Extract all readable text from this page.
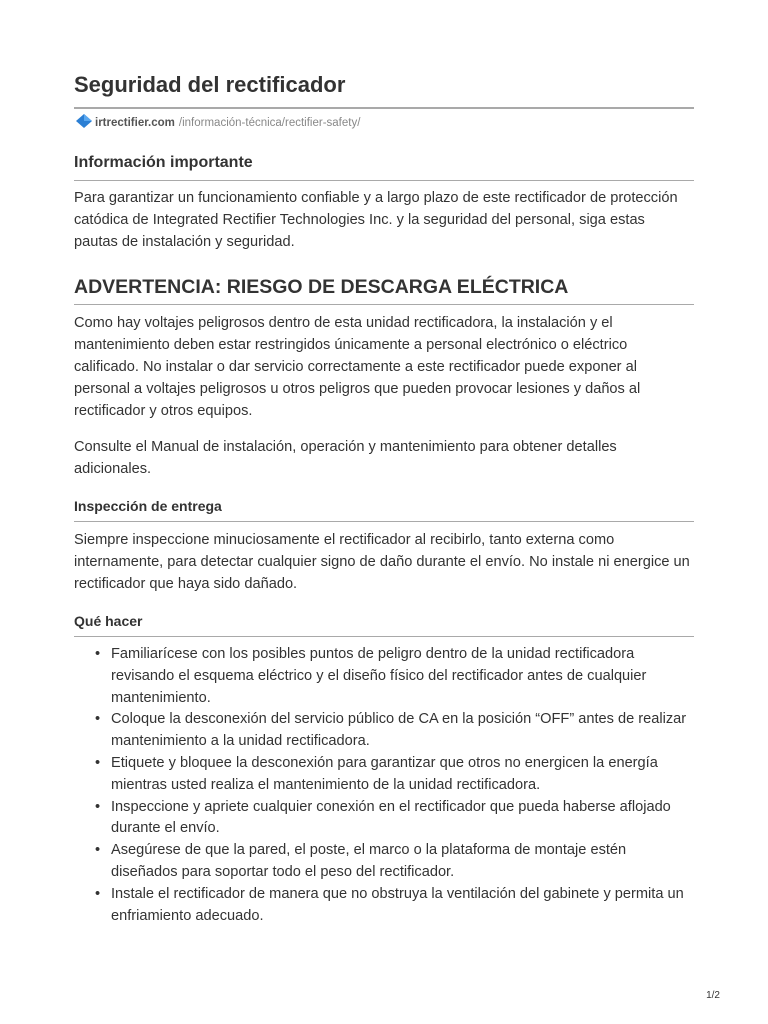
Seguridad del rectificador
irtrectifier.com /información-técnica/rectifier-safety/
Información importante

Para garantizar un funcionamiento confiable y a largo plazo de este rectificador de protección catódica de Integrated Rectifier Technologies Inc. y la seguridad del personal, siga estas pautas de instalación y seguridad.

ADVERTENCIA: RIESGO DE DESCARGA ELÉCTRICA

Como hay voltajes peligrosos dentro de esta unidad rectificadora, la instalación y el mantenimiento deben estar restringidos únicamente a personal electrónico o eléctrico calificado. No instalar o dar servicio correctamente a este rectificador puede exponer al personal a voltajes peligrosos u otros peligros que pueden provocar lesiones y daños al rectificador y otros equipos.

Consulte el Manual de instalación, operación y mantenimiento para obtener detalles adicionales.

Inspección de entrega

Siempre inspeccione minuciosamente el rectificador al recibirlo, tanto externa como internamente, para detectar cualquier signo de daño durante el envío. No instale ni energice un rectificador que haya sido dañado.

Qué hacer
• Familiarícese con los posibles puntos de peligro dentro de la unidad rectificadora revisando el esquema eléctrico y el diseño físico del rectificador antes de cualquier mantenimiento.
• Coloque la desconexión del servicio público de CA en la posición “OFF” antes de realizar mantenimiento a la unidad rectificadora.
• Etiquete y bloquee la desconexión para garantizar que otros no energicen la energía mientras usted realiza el mantenimiento de la unidad rectificadora.
• Inspeccione y apriete cualquier conexión en el rectificador que pueda haberse aflojado durante el envío.
• Asegúrese de que la pared, el poste, el marco o la plataforma de montaje estén diseñados para soportar todo el peso del rectificador.
• Instale el rectificador de manera que no obstruya la ventilación del gabinete y permita un enfriamiento adecuado.
1/2
